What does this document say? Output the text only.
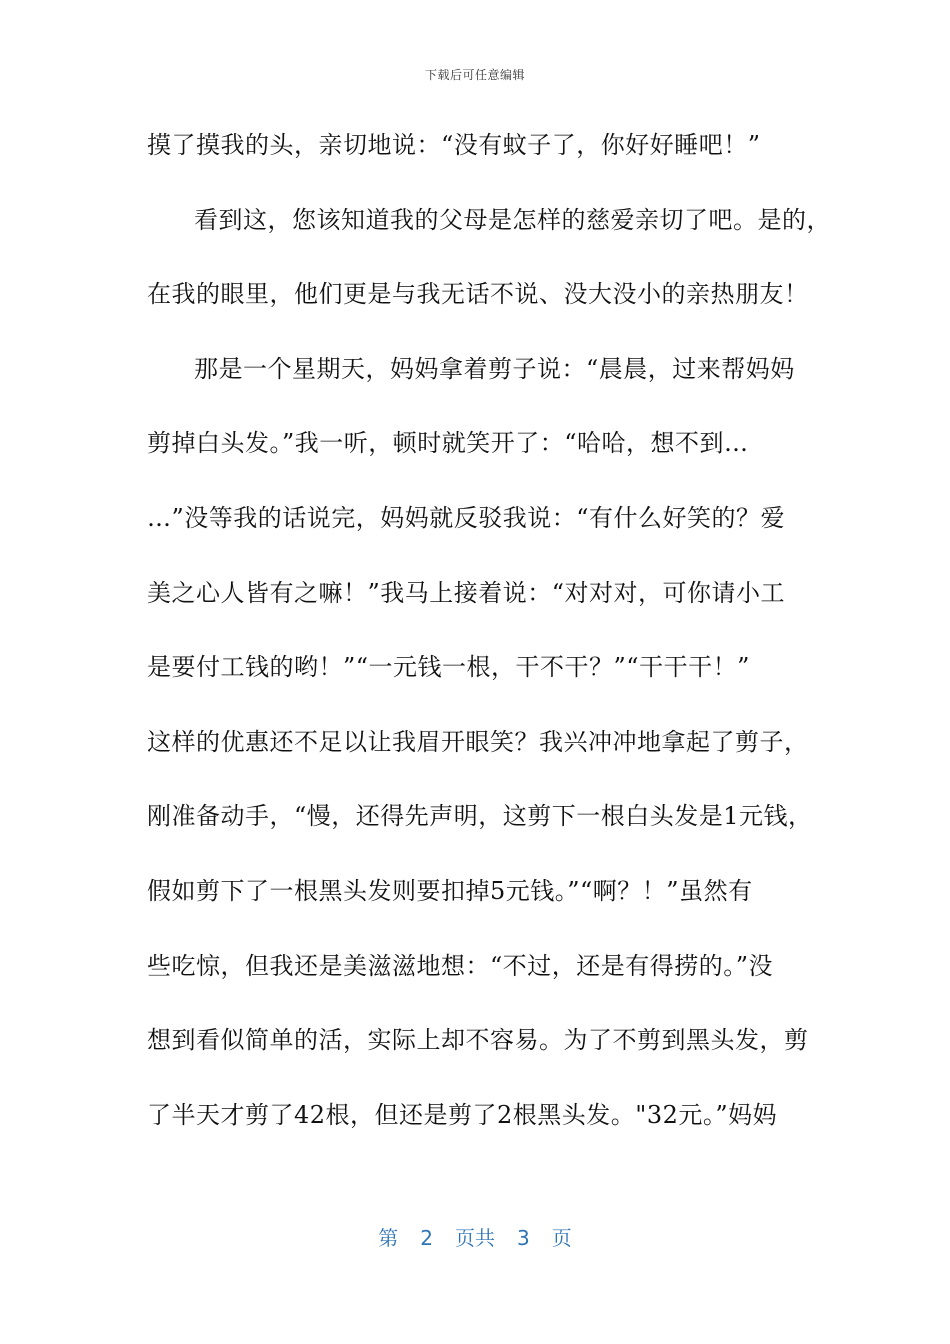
下载后可任意编辑
摸了摸我的头，亲切地说：“没有蚊子了，你好好睡吧！”
看到这，您该知道我的父母是怎样的慈爱亲切了吧。是的，
在我的眼里，他们更是与我无话不说、没大没小的亲热朋友！
那是一个星期天，妈妈拿着剪子说：“晨晨，过来帮妈妈
剪掉白头发。”我一听，顿时就笑开了：“哈哈，想不到…
…”没等我的话说完，妈妈就反驳我说：“有什么好笑的？爱
美之心人皆有之嘛！”我马上接着说：“对对对，可你请小工
是要付工钱的哟！”“一元钱一根，干不干？”“干干干！”
这样的优惠还不足以让我眉开眼笑？我兴冲冲地拿起了剪子，
刚准备动手，“慢，还得先声明，这剪下一根白头发是1元钱，
假如剪下了一根黑头发则要扣掉5元钱。”“啊？！”虽然有
些吃惊，但我还是美滋滋地想：“不过，还是有得捞的。”没
想到看似简单的活，实际上却不容易。为了不剪到黑头发，剪
了半天才剪了42根，但还是剪了2根黑头发。"32元。”妈妈
第 2 页共 3 页
